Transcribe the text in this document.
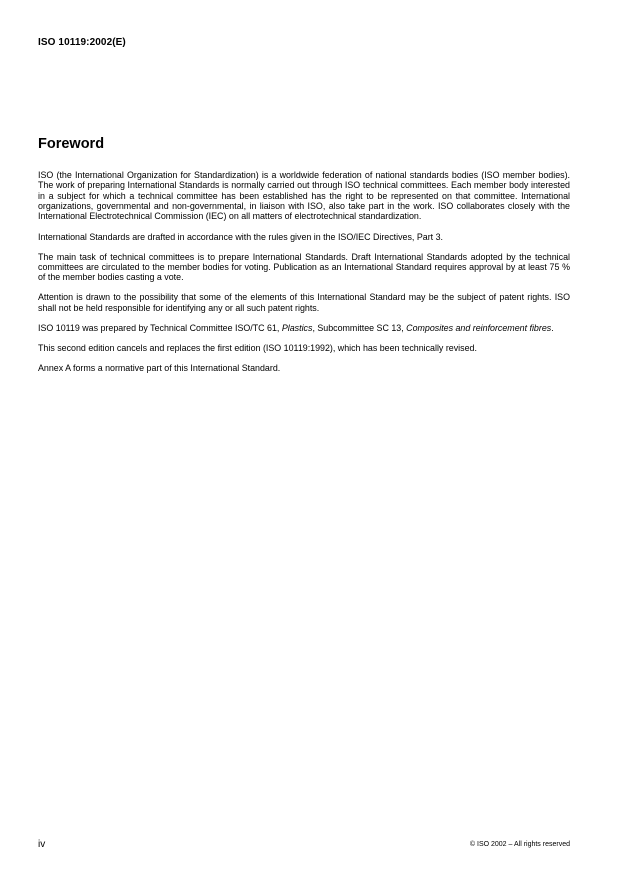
ISO 10119:2002(E)
Foreword

ISO (the International Organization for Standardization) is a worldwide federation of national standards bodies (ISO member bodies). The work of preparing International Standards is normally carried out through ISO technical committees. Each member body interested in a subject for which a technical committee has been established has the right to be represented on that committee. International organizations, governmental and non-governmental, in liaison with ISO, also take part in the work. ISO collaborates closely with the International Electrotechnical Commission (IEC) on all matters of electrotechnical standardization.

International Standards are drafted in accordance with the rules given in the ISO/IEC Directives, Part 3.

The main task of technical committees is to prepare International Standards. Draft International Standards adopted by the technical committees are circulated to the member bodies for voting. Publication as an International Standard requires approval by at least 75 % of the member bodies casting a vote.

Attention is drawn to the possibility that some of the elements of this International Standard may be the subject of patent rights. ISO shall not be held responsible for identifying any or all such patent rights.

ISO 10119 was prepared by Technical Committee ISO/TC 61, Plastics, Subcommittee SC 13, Composites and reinforcement fibres.

This second edition cancels and replaces the first edition (ISO 10119:1992), which has been technically revised.

Annex A forms a normative part of this International Standard.

iv	© ISO 2002 – All rights reserved
